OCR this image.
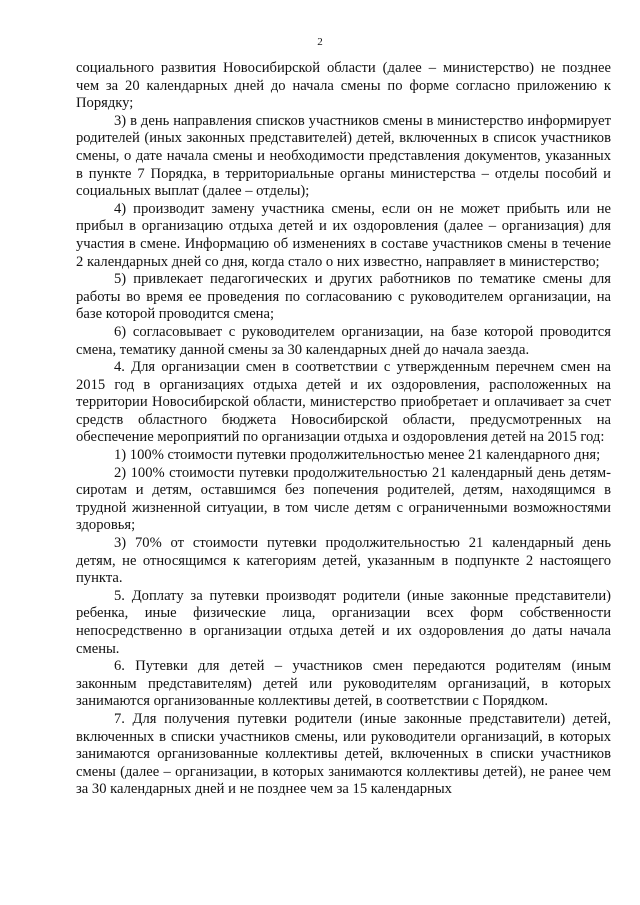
2

социального развития Новосибирской области (далее – министерство) не позднее чем за 20 календарных дней до начала смены по форме согласно приложению к Порядку;

3) в день направления списков участников смены в министерство информирует родителей (иных законных представителей) детей, включенных в список участников смены, о дате начала смены и необходимости представления документов, указанных в пункте 7 Порядка, в территориальные органы министерства – отделы пособий и социальных выплат (далее – отделы);

4) производит замену участника смены, если он не может прибыть или не прибыл в организацию отдыха детей и их оздоровления (далее – организация) для участия в смене. Информацию об изменениях в составе участников смены в течение 2 календарных дней со дня, когда стало о них известно, направляет в министерство;

5) привлекает педагогических и других работников по тематике смены для работы во время ее проведения по согласованию с руководителем организации, на базе которой проводится смена;

6) согласовывает с руководителем организации, на базе которой проводится смена, тематику данной смены за 30 календарных дней до начала заезда.

4. Для организации смен в соответствии с утвержденным перечнем смен на 2015 год в организациях отдыха детей и их оздоровления, расположенных на территории Новосибирской области, министерство приобретает и оплачивает за счет средств областного бюджета Новосибирской области, предусмотренных на обеспечение мероприятий по организации отдыха и оздоровления детей на 2015 год:

1) 100% стоимости путевки продолжительностью менее 21 календарного дня;

2) 100% стоимости путевки продолжительностью 21 календарный день детям-сиротам и детям, оставшимся без попечения родителей, детям, находящимся в трудной жизненной ситуации, в том числе детям с ограниченными возможностями здоровья;

3) 70% от стоимости путевки продолжительностью 21 календарный день детям, не относящимся к категориям детей, указанным в подпункте 2 настоящего пункта.

5. Доплату за путевки производят родители (иные законные представители) ребенка, иные физические лица, организации всех форм собственности непосредственно в организации отдыха детей и их оздоровления до даты начала смены.

6. Путевки для детей – участников смен передаются родителям (иным законным представителям) детей или руководителям организаций, в которых занимаются организованные коллективы детей, в соответствии с Порядком.

7. Для получения путевки родители (иные законные представители) детей, включенных в списки участников смены, или руководители организаций, в которых занимаются организованные коллективы детей, включенных в списки участников смены (далее – организации, в которых занимаются коллективы детей), не ранее чем за 30 календарных дней и не позднее чем за 15 календарных
